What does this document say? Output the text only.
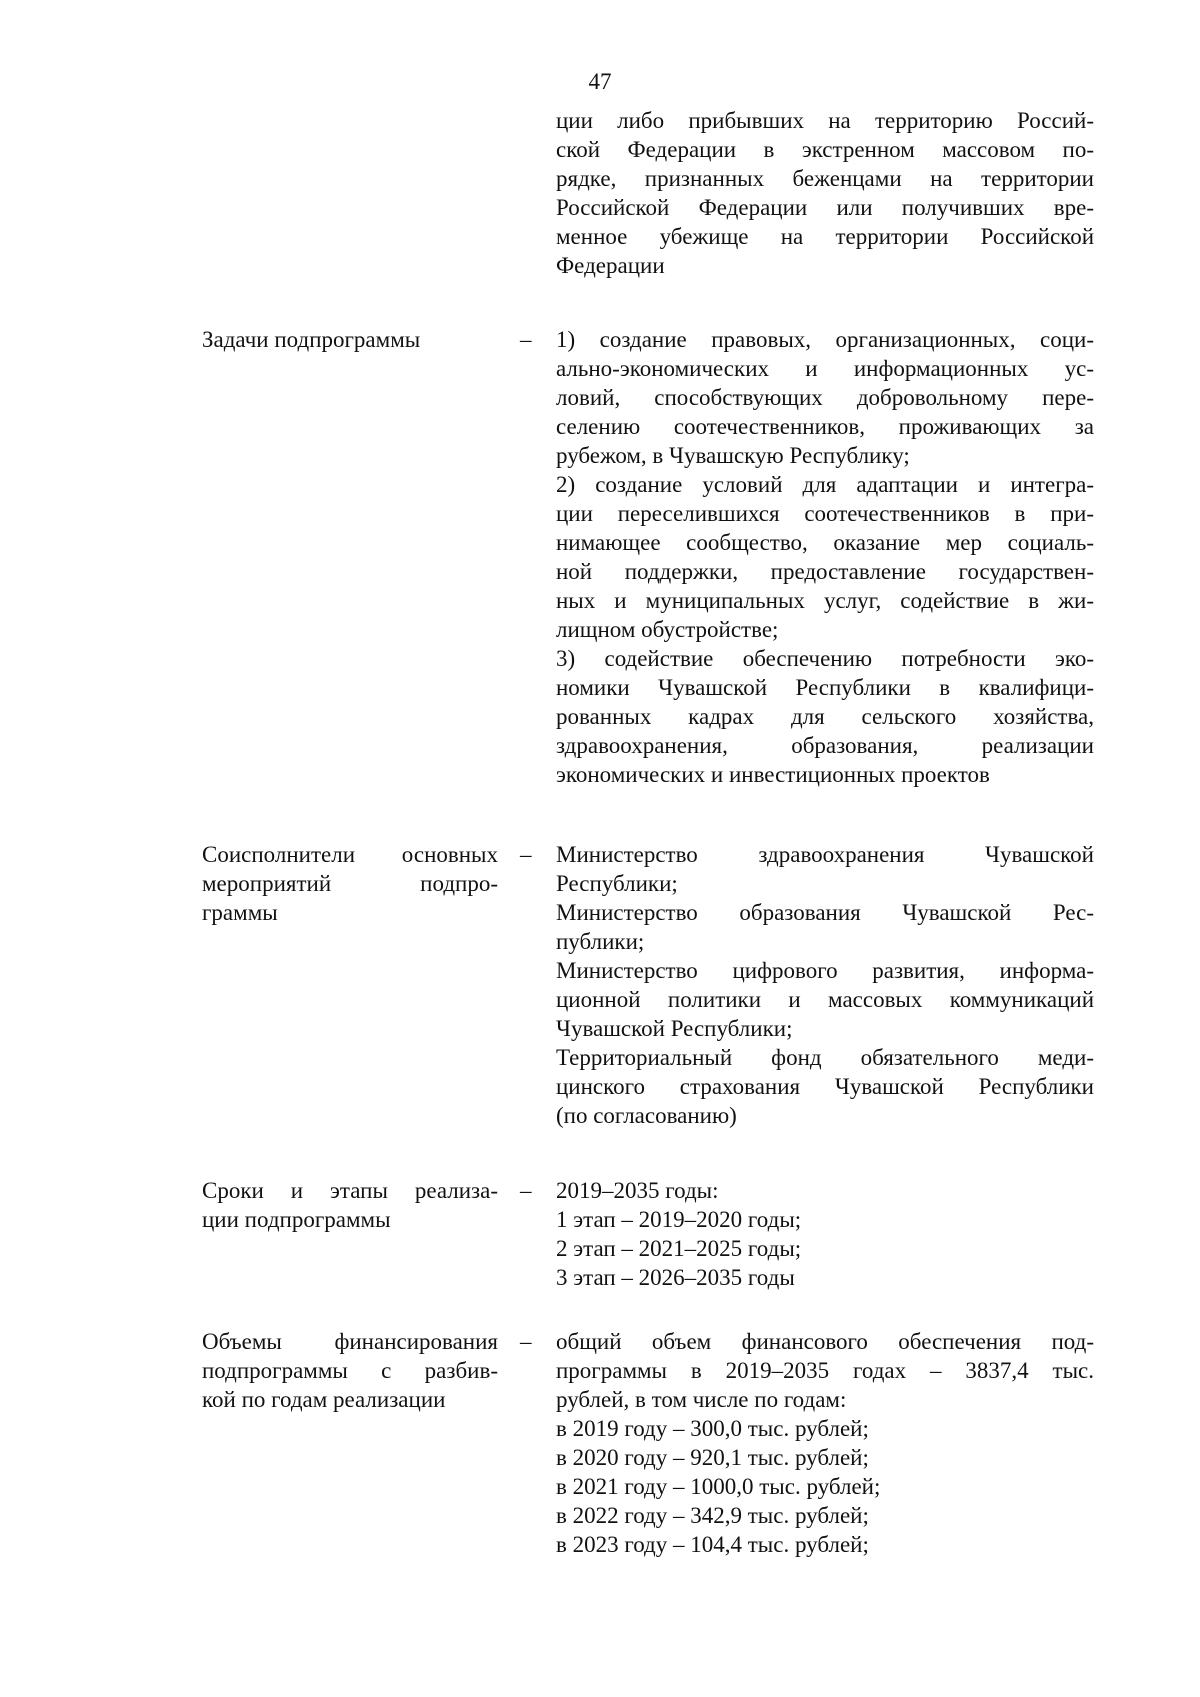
47
ции либо прибывших на территорию Россий-
ской Федерации в экстренном массовом по-
рядке, признанных беженцами на территории
Российской Федерации или получивших вре-
менное убежище на территории Российской
Федерации
Задачи подпрограммы	– 1) создание правовых, организационных, соци-
ально-экономических и информационных ус-
ловий, способствующих добровольному пере-
селению соотечественников, проживающих за
рубежом, в Чувашскую Республику;
2) создание условий для адаптации и интегра-
ции переселившихся соотечественников в при-
нимающее сообщество, оказание мер социаль-
ной поддержки, предоставление государствен-
ных и муниципальных услуг, содействие в жи-
лищном обустройстве;
3) содействие обеспечению потребности эко-
номики Чувашской Республики в квалифици-
рованных кадрах для сельского хозяйства,
здравоохранения, образования, реализации
экономических и инвестиционных проектов
Соисполнители основных
мероприятий подпро-
граммы
– Министерство здравоохранения Чувашской
Республики;
Министерство образования Чувашской Рес-
публики;
Министерство цифрового развития, информа-
ционной политики и массовых коммуникаций
Чувашской Республики;
Территориальный фонд обязательного меди-
цинского страхования Чувашской Республики
(по согласованию)
Сроки и этапы реализа-
ции подпрограммы
– 2019–2035 годы:
1 этап – 2019–2020 годы;
2 этап – 2021–2025 годы;
3 этап – 2026–2035 годы
Объемы финансирования
подпрограммы с разбив-
кой по годам реализации
– общий объем финансового обеспечения под-
программы в 2019–2035 годах – 3837,4 тыс.
рублей, в том числе по годам:
в 2019 году – 300,0 тыс. рублей;
в 2020 году – 920,1 тыс. рублей;
в 2021 году – 1000,0 тыс. рублей;
в 2022 году – 342,9 тыс. рублей;
в 2023 году – 104,4 тыс. рублей;
